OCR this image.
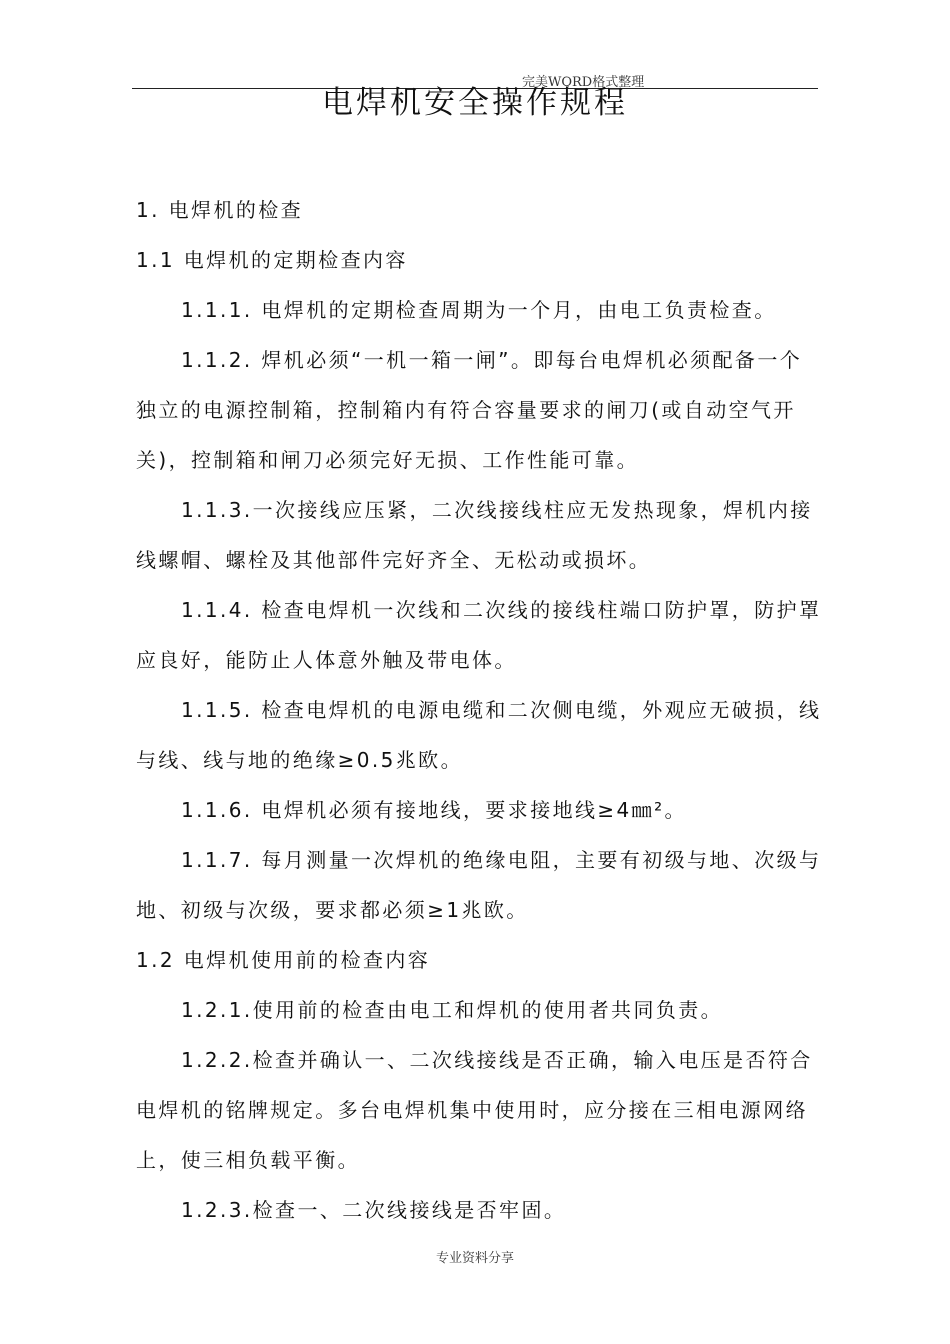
完美WORD格式整理
电焊机安全操作规程
1. 电焊机的检查
1.1 电焊机的定期检查内容
1.1.1. 电焊机的定期检查周期为一个月，由电工负责检查。
1.1.2. 焊机必须“一机一箱一闸”。即每台电焊机必须配备一个
独立的电源控制箱，控制箱内有符合容量要求的闸刀(或自动空气开
关)，控制箱和闸刀必须完好无损、工作性能可靠。
1.1.3.一次接线应压紧，二次线接线柱应无发热现象，焊机内接
线螺帽、螺栓及其他部件完好齐全、无松动或损坏。
1.1.4. 检查电焊机一次线和二次线的接线柱端口防护罩，防护罩
应良好，能防止人体意外触及带电体。
1.1.5. 检查电焊机的电源电缆和二次侧电缆，外观应无破损，线
与线、线与地的绝缘≥0.5兆欧。
1.1.6. 电焊机必须有接地线，要求接地线≥4㎜²。
1.1.7. 每月测量一次焊机的绝缘电阻，主要有初级与地、次级与
地、初级与次级，要求都必须≥1兆欧。
1.2 电焊机使用前的检查内容
1.2.1.使用前的检查由电工和焊机的使用者共同负责。
1.2.2.检查并确认一、二次线接线是否正确，输入电压是否符合
电焊机的铭牌规定。多台电焊机集中使用时，应分接在三相电源网络
上，使三相负载平衡。
1.2.3.检查一、二次线接线是否牢固。
专业资料分享
